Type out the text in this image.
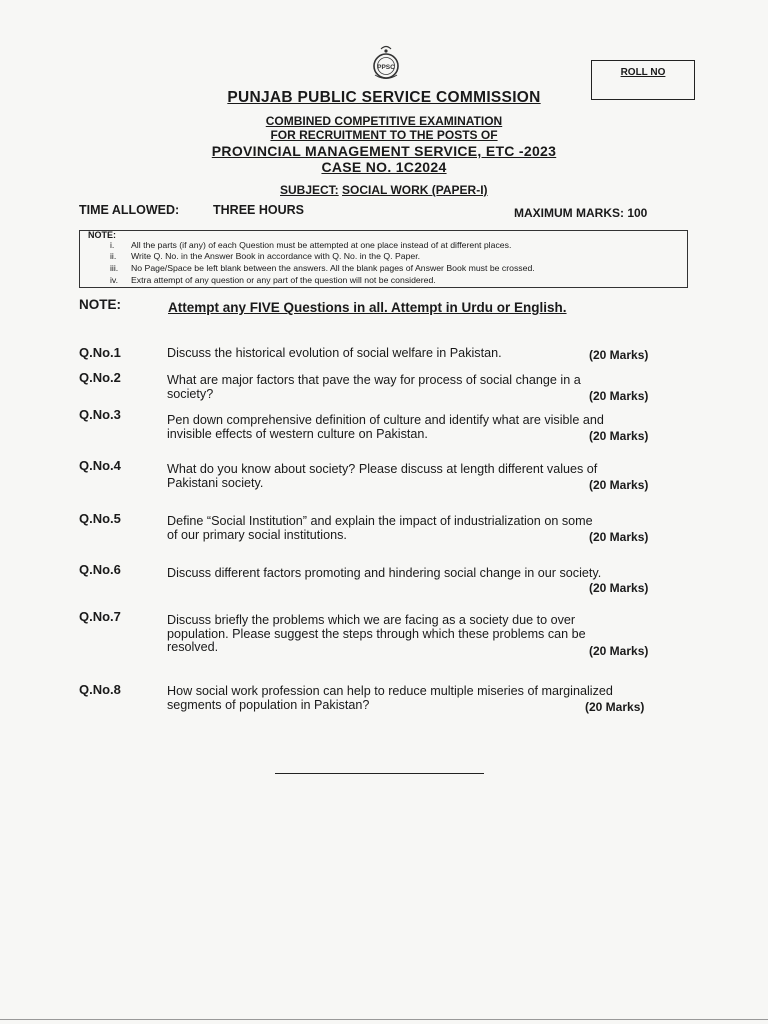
PPSC	ROLL NO
PUNJAB PUBLIC SERVICE COMMISSION
COMBINED COMPETITIVE EXAMINATION
FOR RECRUITMENT TO THE POSTS OF
PROVINCIAL MANAGEMENT SERVICE, ETC -2023
CASE NO. 1C2024
SUBJECT: SOCIAL WORK (PAPER-I)
TIME ALLOWED:	THREE HOURS	MAXIMUM MARKS: 100
NOTE:
i. All the parts (if any) of each Question must be attempted at one place instead of at different places.
ii. Write Q. No. in the Answer Book in accordance with Q. No. in the Q. Paper.
iii. No Page/Space be left blank between the answers. All the blank pages of Answer Book must be crossed.
iv. Extra attempt of any question or any part of the question will not be considered.
NOTE:	Attempt any FIVE Questions in all. Attempt in Urdu or English.
Q.No.1	Discuss the historical evolution of social welfare in Pakistan.	(20 Marks)
Q.No.2	What are major factors that pave the way for process of social change in a
society?	(20 Marks)
Q.No.3	Pen down comprehensive definition of culture and identify what are visible and
invisible effects of western culture on Pakistan.	(20 Marks)
Q.No.4	What do you know about society? Please discuss at length different values of
Pakistani society.	(20 Marks)
Q.No.5	Define “Social Institution” and explain the impact of industrialization on some
of our primary social institutions.	(20 Marks)
Q.No.6	Discuss different factors promoting and hindering social change in our society.
(20 Marks)
Q.No.7	Discuss briefly the problems which we are facing as a society due to over
population. Please suggest the steps through which these problems can be
resolved.	(20 Marks)
Q.No.8	How social work profession can help to reduce multiple miseries of marginalized
segments of population in Pakistan?	(20 Marks)
